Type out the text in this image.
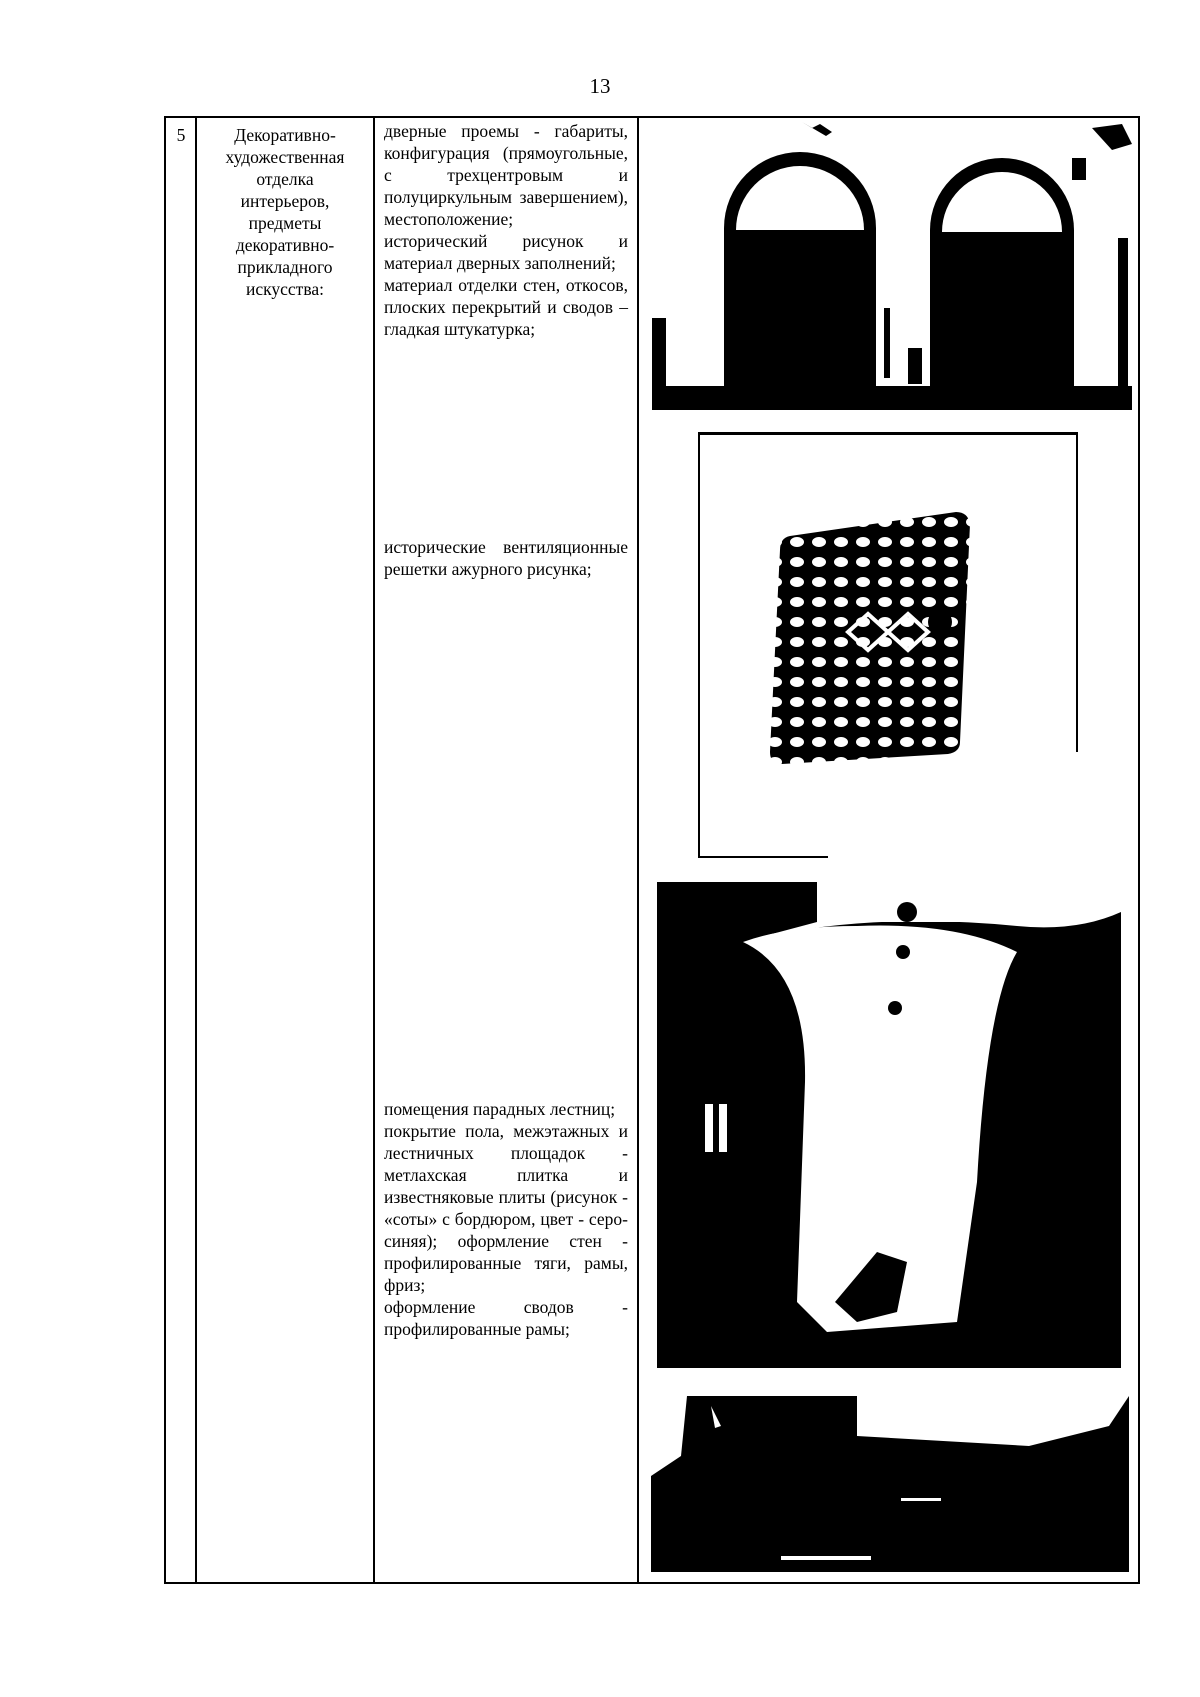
13
5	Декоративно-
художественная
отделка
интерьеров,
предметы
декоративно-
прикладного
искусства:
дверные проемы - габариты, конфигурация (прямоугольные, с трехцентровым и полуциркульным завершением), местоположение;
исторический рисунок и материал дверных заполнений;
материал отделки стен, откосов, плоских перекрытий и сводов – гладкая штукатурка;
исторические вентиляционные решетки ажурного рисунка;
помещения парадных лестниц;
покрытие пола, межэтажных и лестничных площадок - метлахская плитка и известняковые плиты (рисунок - «соты» с бордюром, цвет - серо-синяя); оформление стен - профилированные тяги, рамы, фриз;
оформление сводов - профилированные рамы;
